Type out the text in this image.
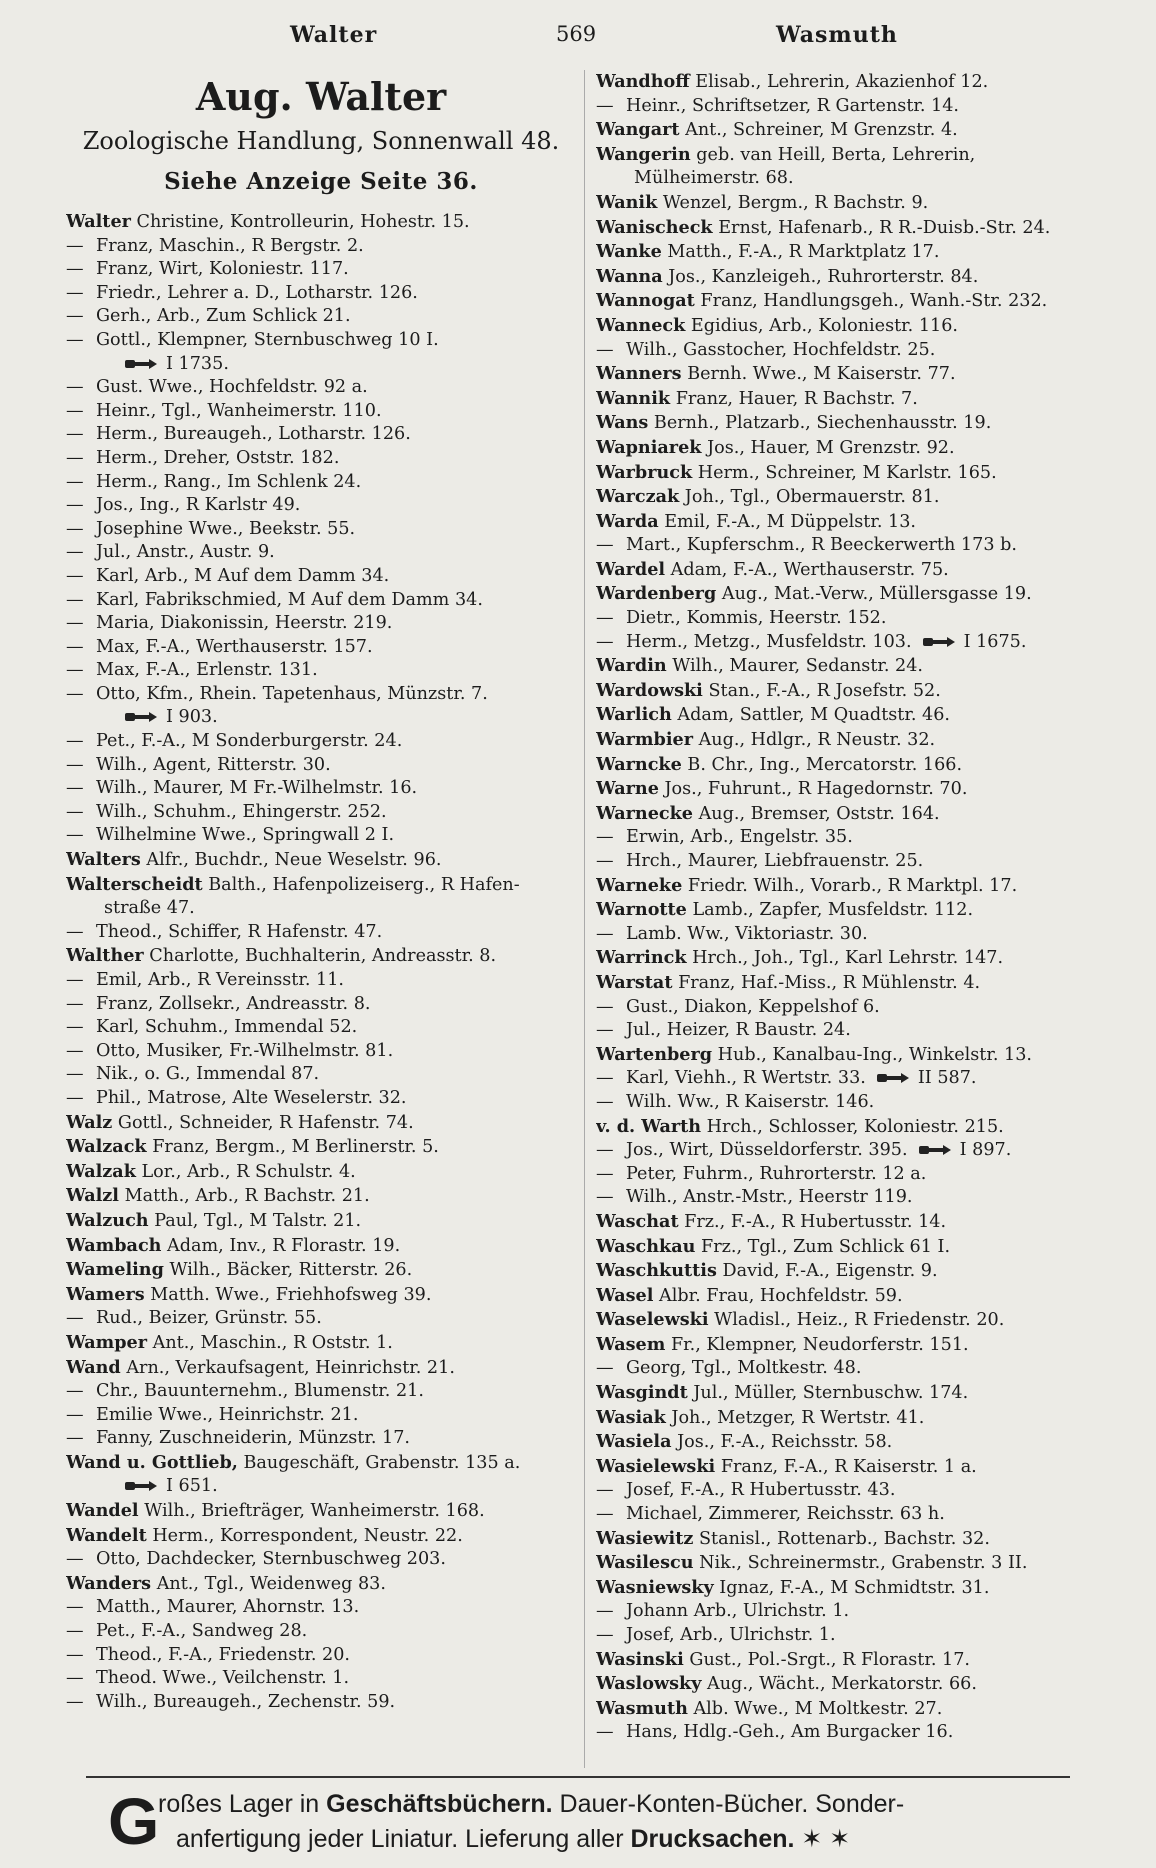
Walter	569	Wasmuth
Aug. Walter
Zoologische Handlung, Sonnenwall 48.
Siehe Anzeige Seite 36.
Walter Christine, Kontrolleurin, Hohestr. 15.
— Franz, Maschin., R Bergstr. 2.
— Franz, Wirt, Koloniestr. 117.
— Friedr., Lehrer a. D., Lotharstr. 126.
— Gerh., Arb., Zum Schlick 21.
— Gottl., Klempner, Sternbuschweg 10 I.
I 1735.
— Gust. Wwe., Hochfeldstr. 92 a.
— Heinr., Tgl., Wanheimerstr. 110.
— Herm., Bureaugeh., Lotharstr. 126.
— Herm., Dreher, Oststr. 182.
— Herm., Rang., Im Schlenk 24.
— Jos., Ing., R Karlstr 49.
— Josephine Wwe., Beekstr. 55.
— Jul., Anstr., Austr. 9.
— Karl, Arb., M Auf dem Damm 34.
— Karl, Fabrikschmied, M Auf dem Damm 34.
— Maria, Diakonissin, Heerstr. 219.
— Max, F.-A., Werthauserstr. 157.
— Max, F.-A., Erlenstr. 131.
— Otto, Kfm., Rhein. Tapetenhaus, Münzstr. 7.
I 903.
— Pet., F.-A., M Sonderburgerstr. 24.
— Wilh., Agent, Ritterstr. 30.
— Wilh., Maurer, M Fr.-Wilhelmstr. 16.
— Wilh., Schuhm., Ehingerstr. 252.
— Wilhelmine Wwe., Springwall 2 I.
Walters Alfr., Buchdr., Neue Weselstr. 96.
Walterscheidt Balth., Hafenpolizeiserg., R Hafen-
straße 47.
— Theod., Schiffer, R Hafenstr. 47.
Walther Charlotte, Buchhalterin, Andreasstr. 8.
— Emil, Arb., R Vereinsstr. 11.
— Franz, Zollsekr., Andreasstr. 8.
— Karl, Schuhm., Immendal 52.
— Otto, Musiker, Fr.-Wilhelmstr. 81.
— Nik., o. G., Immendal 87.
— Phil., Matrose, Alte Weselerstr. 32.
Walz Gottl., Schneider, R Hafenstr. 74.
Walzack Franz, Bergm., M Berlinerstr. 5.
Walzak Lor., Arb., R Schulstr. 4.
Walzl Matth., Arb., R Bachstr. 21.
Walzuch Paul, Tgl., M Talstr. 21.
Wambach Adam, Inv., R Florastr. 19.
Wameling Wilh., Bäcker, Ritterstr. 26.
Wamers Matth. Wwe., Friehhofsweg 39.
— Rud., Beizer, Grünstr. 55.
Wamper Ant., Maschin., R Oststr. 1.
Wand Arn., Verkaufsagent, Heinrichstr. 21.
— Chr., Bauunternehm., Blumenstr. 21.
— Emilie Wwe., Heinrichstr. 21.
— Fanny, Zuschneiderin, Münzstr. 17.
Wand u. Gottlieb, Baugeschäft, Grabenstr. 135 a.
I 651.
Wandel Wilh., Briefträger, Wanheimerstr. 168.
Wandelt Herm., Korrespondent, Neustr. 22.
— Otto, Dachdecker, Sternbuschweg 203.
Wanders Ant., Tgl., Weidenweg 83.
— Matth., Maurer, Ahornstr. 13.
— Pet., F.-A., Sandweg 28.
— Theod., F.-A., Friedenstr. 20.
— Theod. Wwe., Veilchenstr. 1.
— Wilh., Bureaugeh., Zechenstr. 59.
Wandhoff Elisab., Lehrerin, Akazienhof 12.
— Heinr., Schriftsetzer, R Gartenstr. 14.
Wangart Ant., Schreiner, M Grenzstr. 4.
Wangerin geb. van Heill, Berta, Lehrerin,
Mülheimerstr. 68.
Wanik Wenzel, Bergm., R Bachstr. 9.
Wanischeck Ernst, Hafenarb., R R.-Duisb.-Str. 24.
Wanke Matth., F.-A., R Marktplatz 17.
Wanna Jos., Kanzleigeh., Ruhrorterstr. 84.
Wannogat Franz, Handlungsgeh., Wanh.-Str. 232.
Wanneck Egidius, Arb., Koloniestr. 116.
— Wilh., Gasstocher, Hochfeldstr. 25.
Wanners Bernh. Wwe., M Kaiserstr. 77.
Wannik Franz, Hauer, R Bachstr. 7.
Wans Bernh., Platzarb., Siechenhausstr. 19.
Wapniarek Jos., Hauer, M Grenzstr. 92.
Warbruck Herm., Schreiner, M Karlstr. 165.
Warczak Joh., Tgl., Obermauerstr. 81.
Warda Emil, F.-A., M Düppelstr. 13.
— Mart., Kupferschm., R Beeckerwerth 173 b.
Wardel Adam, F.-A., Werthauserstr. 75.
Wardenberg Aug., Mat.-Verw., Müllersgasse 19.
— Dietr., Kommis, Heerstr. 152.
— Herm., Metzg., Musfeldstr. 103.	I 1675.
Wardin Wilh., Maurer, Sedanstr. 24.
Wardowski Stan., F.-A., R Josefstr. 52.
Warlich Adam, Sattler, M Quadtstr. 46.
Warmbier Aug., Hdlgr., R Neustr. 32.
Warncke B. Chr., Ing., Mercatorstr. 166.
Warne Jos., Fuhrunt., R Hagedornstr. 70.
Warnecke Aug., Bremser, Oststr. 164.
— Erwin, Arb., Engelstr. 35.
— Hrch., Maurer, Liebfrauenstr. 25.
Warneke Friedr. Wilh., Vorarb., R Marktpl. 17.
Warnotte Lamb., Zapfer, Musfeldstr. 112.
— Lamb. Ww., Viktoriastr. 30.
Warrinck Hrch., Joh., Tgl., Karl Lehrstr. 147.
Warstat Franz, Haf.-Miss., R Mühlenstr. 4.
— Gust., Diakon, Keppelshof 6.
— Jul., Heizer, R Baustr. 24.
Wartenberg Hub., Kanalbau-Ing., Winkelstr. 13.
— Karl, Viehh., R Wertstr. 33.	II 587.
— Wilh. Ww., R Kaiserstr. 146.
v. d. Warth Hrch., Schlosser, Koloniestr. 215.
— Jos., Wirt, Düsseldorferstr. 395.	I 897.
— Peter, Fuhrm., Ruhrorterstr. 12 a.
— Wilh., Anstr.-Mstr., Heerstr 119.
Waschat Frz., F.-A., R Hubertusstr. 14.
Waschkau Frz., Tgl., Zum Schlick 61 I.
Waschkuttis David, F.-A., Eigenstr. 9.
Wasel Albr. Frau, Hochfeldstr. 59.
Waselewski Wladisl., Heiz., R Friedenstr. 20.
Wasem Fr., Klempner, Neudorferstr. 151.
— Georg, Tgl., Moltkestr. 48.
Wasgindt Jul., Müller, Sternbuschw. 174.
Wasiak Joh., Metzger, R Wertstr. 41.
Wasiela Jos., F.-A., Reichsstr. 58.
Wasielewski Franz, F.-A., R Kaiserstr. 1 a.
— Josef, F.-A., R Hubertusstr. 43.
— Michael, Zimmerer, Reichsstr. 63 h.
Wasiewitz Stanisl., Rottenarb., Bachstr. 32.
Wasilescu Nik., Schreinermstr., Grabenstr. 3 II.
Wasniewsky Ignaz, F.-A., M Schmidtstr. 31.
— Johann Arb., Ulrichstr. 1.
— Josef, Arb., Ulrichstr. 1.
Wasinski Gust., Pol.-Srgt., R Florastr. 17.
Waslowsky Aug., Wächt., Merkatorstr. 66.
Wasmuth Alb. Wwe., M Moltkestr. 27.
— Hans, Hdlg.-Geh., Am Burgacker 16.
G
roßes Lager in Geschäftsbüchern. Dauer-Konten-Bücher. Sonder-
anfertigung jeder Liniatur. Lieferung aller Drucksachen. ✶ ✶
